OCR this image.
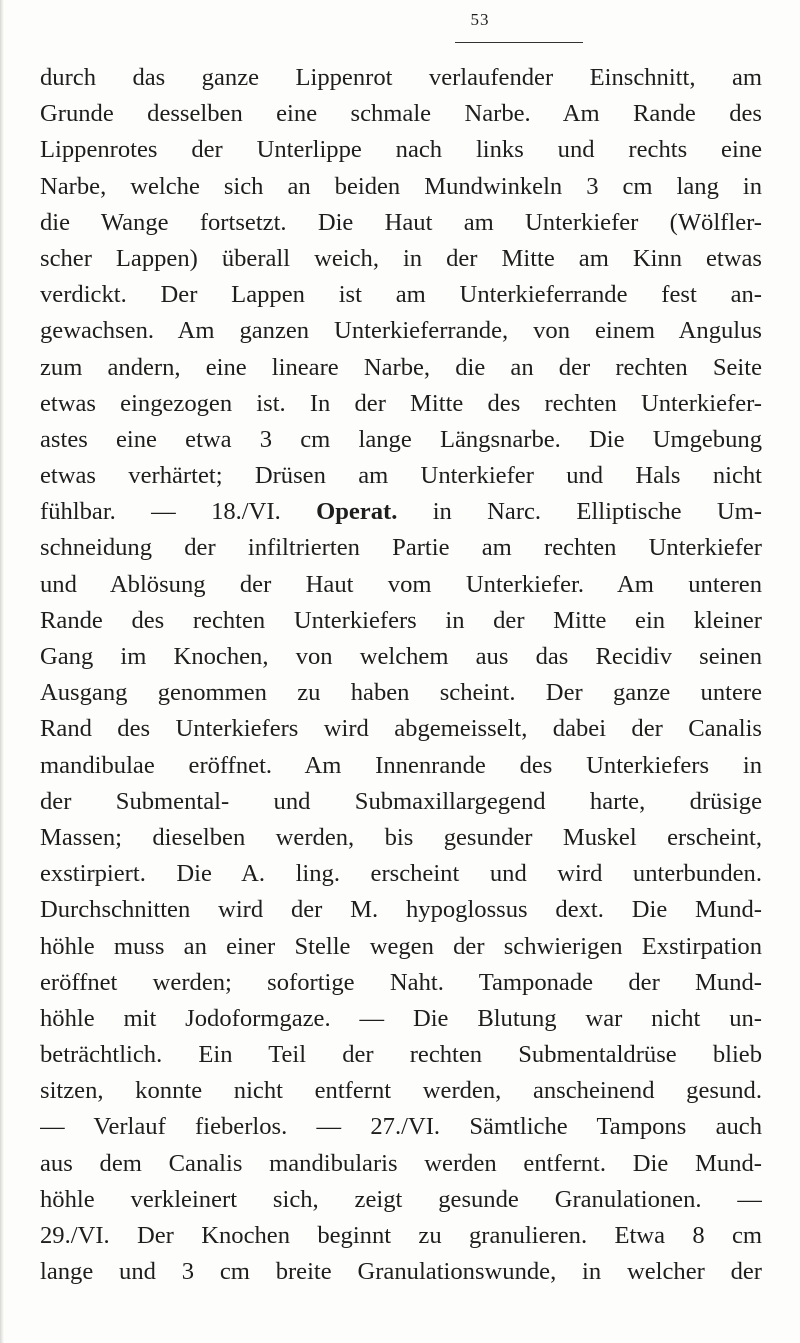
53
durch das ganze Lippenrot verlaufender Einschnitt, am
Grunde desselben eine schmale Narbe. Am Rande des
Lippenrotes der Unterlippe nach links und rechts eine
Narbe, welche sich an beiden Mundwinkeln 3 cm lang in
die Wange fortsetzt. Die Haut am Unterkiefer (Wölfler-
scher Lappen) überall weich, in der Mitte am Kinn etwas
verdickt. Der Lappen ist am Unterkieferrande fest an-
gewachsen. Am ganzen Unterkieferrande, von einem Angulus
zum andern, eine lineare Narbe, die an der rechten Seite
etwas eingezogen ist. In der Mitte des rechten Unterkiefer-
astes eine etwa 3 cm lange Längsnarbe. Die Umgebung
etwas verhärtet; Drüsen am Unterkiefer und Hals nicht
fühlbar. — 18./VI. Operat. in Narc. Elliptische Um-
schneidung der infiltrierten Partie am rechten Unterkiefer
und Ablösung der Haut vom Unterkiefer. Am unteren
Rande des rechten Unterkiefers in der Mitte ein kleiner
Gang im Knochen, von welchem aus das Recidiv seinen
Ausgang genommen zu haben scheint. Der ganze untere
Rand des Unterkiefers wird abgemeisselt, dabei der Canalis
mandibulae eröffnet. Am Innenrande des Unterkiefers in
der Submental- und Submaxillargegend harte, drüsige
Massen; dieselben werden, bis gesunder Muskel erscheint,
exstirpiert. Die A. ling. erscheint und wird unterbunden.
Durchschnitten wird der M. hypoglossus dext. Die Mund-
höhle muss an einer Stelle wegen der schwierigen Exstirpation
eröffnet werden; sofortige Naht. Tamponade der Mund-
höhle mit Jodoformgaze. — Die Blutung war nicht un-
beträchtlich. Ein Teil der rechten Submentaldrüse blieb
sitzen, konnte nicht entfernt werden, anscheinend gesund.
— Verlauf fieberlos. — 27./VI. Sämtliche Tampons auch
aus dem Canalis mandibularis werden entfernt. Die Mund-
höhle verkleinert sich, zeigt gesunde Granulationen. —
29./VI. Der Knochen beginnt zu granulieren. Etwa 8 cm
lange und 3 cm breite Granulationswunde, in welcher der
